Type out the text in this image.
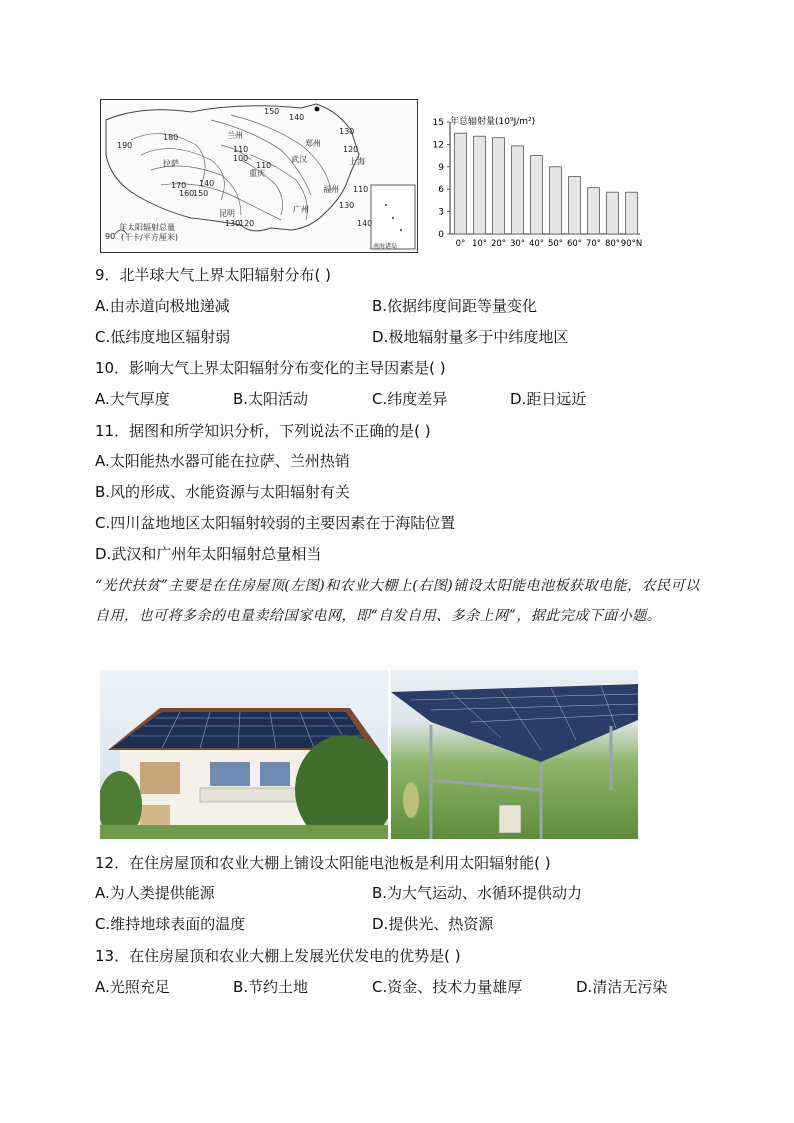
150
140
130
180
120
190	110
100
110
170
160
150
140
130
120
110
130
140
兰州
郑州
上海
拉萨	武汉
重庆
福州
广州
昆明
90
年太阳辐射总量
(千卡/平方厘米)
南海诸岛
年总辐射量(10⁹J/m²)
0
3
6
9
12
15
0° 10° 20° 30° 40° 50° 60° 70° 80° 90°N
9．北半球大气上界太阳辐射分布( )
A.由赤道向极地递减	B.依据纬度间距等量变化
C.低纬度地区辐射弱	D.极地辐射量多于中纬度地区
10．影响大气上界太阳辐射分布变化的主导因素是( )
A.大气厚度	B.太阳活动	C.纬度差异	D.距日远近
11．据图和所学知识分析，下列说法不正确的是( )
A.太阳能热水器可能在拉萨、兰州热销
B.风的形成、水能资源与太阳辐射有关
C.四川盆地地区太阳辐射较弱的主要因素在于海陆位置
D.武汉和广州年太阳辐射总量相当
“光伏扶贫”主要是在住房屋顶(左图)和农业大棚上(右图)铺设太阳能电池板获取电能，农民可以自用，也可将多余的电量卖给国家电网，即“自发自用、多余上网”，据此完成下面小题。
12．在住房屋顶和农业大棚上铺设太阳能电池板是利用太阳辐射能( )
A.为人类提供能源	B.为大气运动、水循环提供动力
C.维持地球表面的温度	D.提供光、热资源
13．在住房屋顶和农业大棚上发展光伏发电的优势是( )
A.光照充足	B.节约土地	C.资金、技术力量雄厚	D.清洁无污染
